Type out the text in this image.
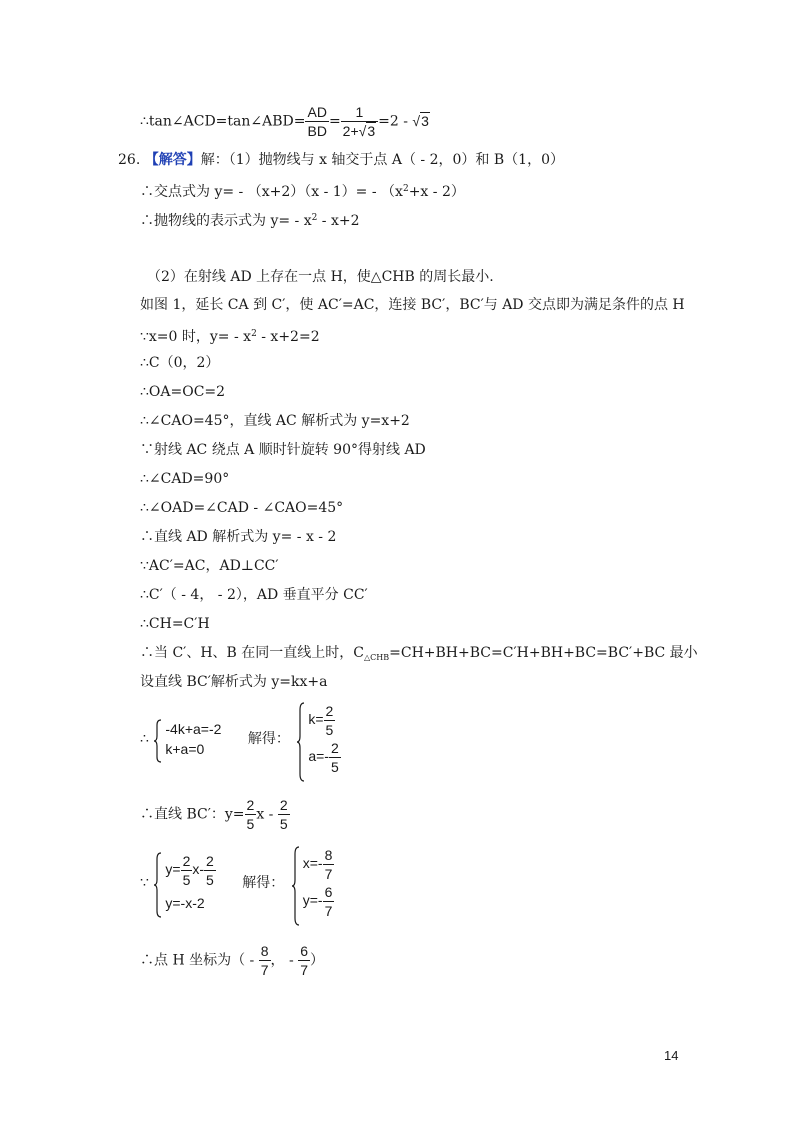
∴tan∠ACD=tan∠ABD= $\frac{AD}{BD} = \frac{1}{2+√3} =2 - √3$
26. 【解答】解：（1）抛物线与 x 轴交于点 A（ - 2，0）和 B（1，0）
∴交点式为 $y= - (x+2)(x - 1)= - (x^2+x - 2)$
∴抛物线的表示式为 $y= - x^2 - x+2$
（2）在射线 AD 上存在一点 H，使△CHB 的周长最小.
如图 1，延长 CA 到 C′，使 AC′=AC，连接 BC′，BC′与 AD 交点即为满足条件的点 H
∵x=0 时，$y= - x^2 - x+2=2$
∴C（0，2）
∴OA=OC=2
∴∠CAO=45°，直线 AC 解析式为 y=x+2
∵射线 AC 绕点 A 顺时针旋转 90°得射线 AD
∴∠CAD=90°
∴∠OAD=∠CAD - ∠CAO=45°
∴直线 AD 解析式为 y= - x - 2
∵AC′=AC，AD⊥CC′
∴C′（ - 4， - 2），AD 垂直平分 CC′
∴CH=C′H
∴当 C′、H、B 在同一直线上时，$C_{\triangle CHB}=CH+BH+BC=C'H+BH+BC=BC'+BC$ 最小
设直线 BC′解析式为 y=kx+a
∴
-4k+a=-2
k+a=0
解得：
$k= \frac{2}{5}$
$a=- \frac{2}{5}$
∴直线 BC′：$y= \frac{2}{5}$ x - $\frac{2}{5}$
∵
$y= \frac{2}{5} x- \frac{2}{5}$
y=-x-2
解得：
$x=- \frac{8}{7}$
$y=- \frac{6}{7}$
∴点 H 坐标为（ - $\frac{8}{7}$ ， - $\frac{6}{7}$ ）
14
